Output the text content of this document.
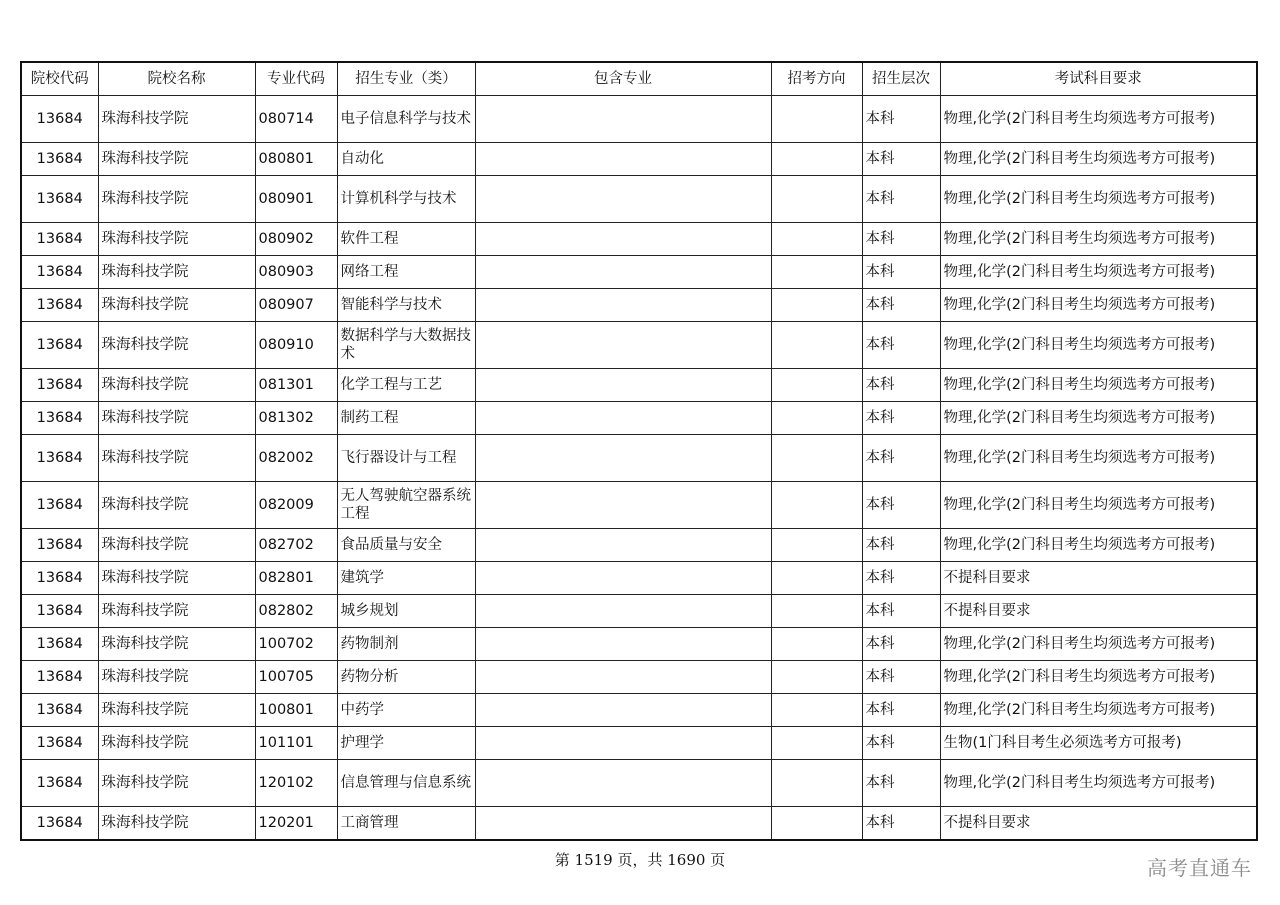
院校代码	院校名称	专业代码	招生专业（类）	包含专业	招考方向	招生层次	考试科目要求
13684	珠海科技学院	080714	电子信息科学与技术			本科	物理,化学(2门科目考生均须选考方可报考)
13684	珠海科技学院	080801	自动化			本科	物理,化学(2门科目考生均须选考方可报考)
13684	珠海科技学院	080901	计算机科学与技术			本科	物理,化学(2门科目考生均须选考方可报考)
13684	珠海科技学院	080902	软件工程			本科	物理,化学(2门科目考生均须选考方可报考)
13684	珠海科技学院	080903	网络工程			本科	物理,化学(2门科目考生均须选考方可报考)
13684	珠海科技学院	080907	智能科学与技术			本科	物理,化学(2门科目考生均须选考方可报考)
13684	珠海科技学院	080910	数据科学与大数据技术			本科	物理,化学(2门科目考生均须选考方可报考)
13684	珠海科技学院	081301	化学工程与工艺			本科	物理,化学(2门科目考生均须选考方可报考)
13684	珠海科技学院	081302	制药工程			本科	物理,化学(2门科目考生均须选考方可报考)
13684	珠海科技学院	082002	飞行器设计与工程			本科	物理,化学(2门科目考生均须选考方可报考)
13684	珠海科技学院	082009	无人驾驶航空器系统工程			本科	物理,化学(2门科目考生均须选考方可报考)
13684	珠海科技学院	082702	食品质量与安全			本科	物理,化学(2门科目考生均须选考方可报考)
13684	珠海科技学院	082801	建筑学			本科	不提科目要求
13684	珠海科技学院	082802	城乡规划			本科	不提科目要求
13684	珠海科技学院	100702	药物制剂			本科	物理,化学(2门科目考生均须选考方可报考)
13684	珠海科技学院	100705	药物分析			本科	物理,化学(2门科目考生均须选考方可报考)
13684	珠海科技学院	100801	中药学			本科	物理,化学(2门科目考生均须选考方可报考)
13684	珠海科技学院	101101	护理学			本科	生物(1门科目考生必须选考方可报考)
13684	珠海科技学院	120102	信息管理与信息系统			本科	物理,化学(2门科目考生均须选考方可报考)
13684	珠海科技学院	120201	工商管理			本科	不提科目要求
第 1519 页，共 1690 页	高考直通车
